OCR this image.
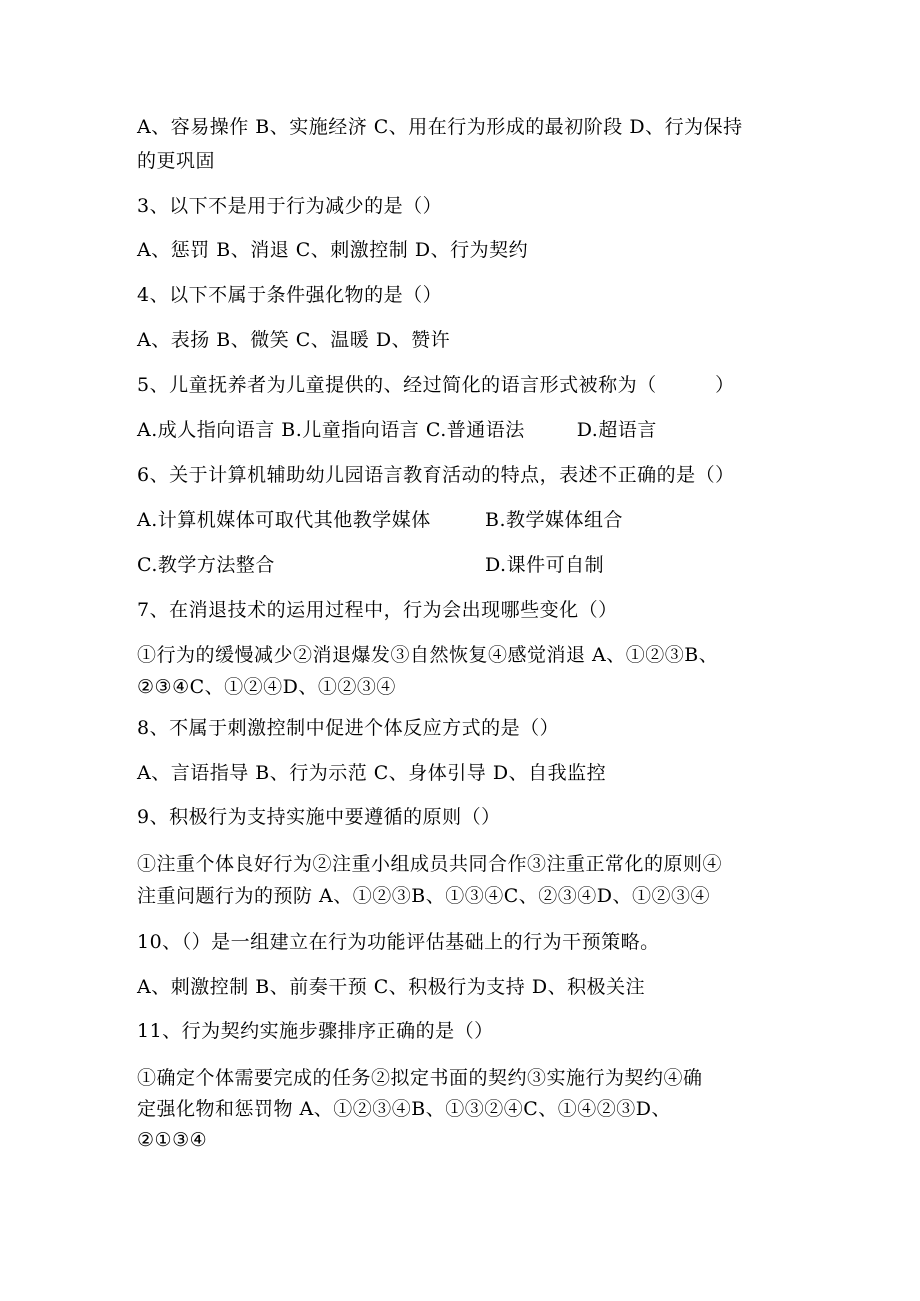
A、容易操作 B、实施经济 C、用在行为形成的最初阶段 D、行为保持
的更巩固
3、以下不是用于行为减少的是（）
A、惩罚 B、消退 C、刺激控制 D、行为契约
4、以下不属于条件强化物的是（）
A、表扬 B、微笑 C、温暖 D、赞许
5、儿童抚养者为儿童提供的、经过简化的语言形式被称为（　　　）
A.成人指向语言 B.儿童指向语言 C.普通语法	D.超语言
6、关于计算机辅助幼儿园语言教育活动的特点，表述不正确的是（）
A.计算机媒体可取代其他教学媒体	B.教学媒体组合
C.教学方法整合	D.课件可自制
7、在消退技术的运用过程中，行为会出现哪些变化（）
①行为的缓慢减少②消退爆发③自然恢复④感觉消退 A、①②③B、
②③④C、①②④D、①②③④
8、不属于刺激控制中促进个体反应方式的是（）
A、言语指导 B、行为示范 C、身体引导 D、自我监控
9、积极行为支持实施中要遵循的原则（）
①注重个体良好行为②注重小组成员共同合作③注重正常化的原则④
注重问题行为的预防 A、①②③B、①③④C、②③④D、①②③④
10、（）是一组建立在行为功能评估基础上的行为干预策略。
A、刺激控制 B、前奏干预 C、积极行为支持 D、积极关注
11、行为契约实施步骤排序正确的是（）
①确定个体需要完成的任务②拟定书面的契约③实施行为契约④确
定强化物和惩罚物 A、①②③④B、①③②④C、①④②③D、
②①③④
